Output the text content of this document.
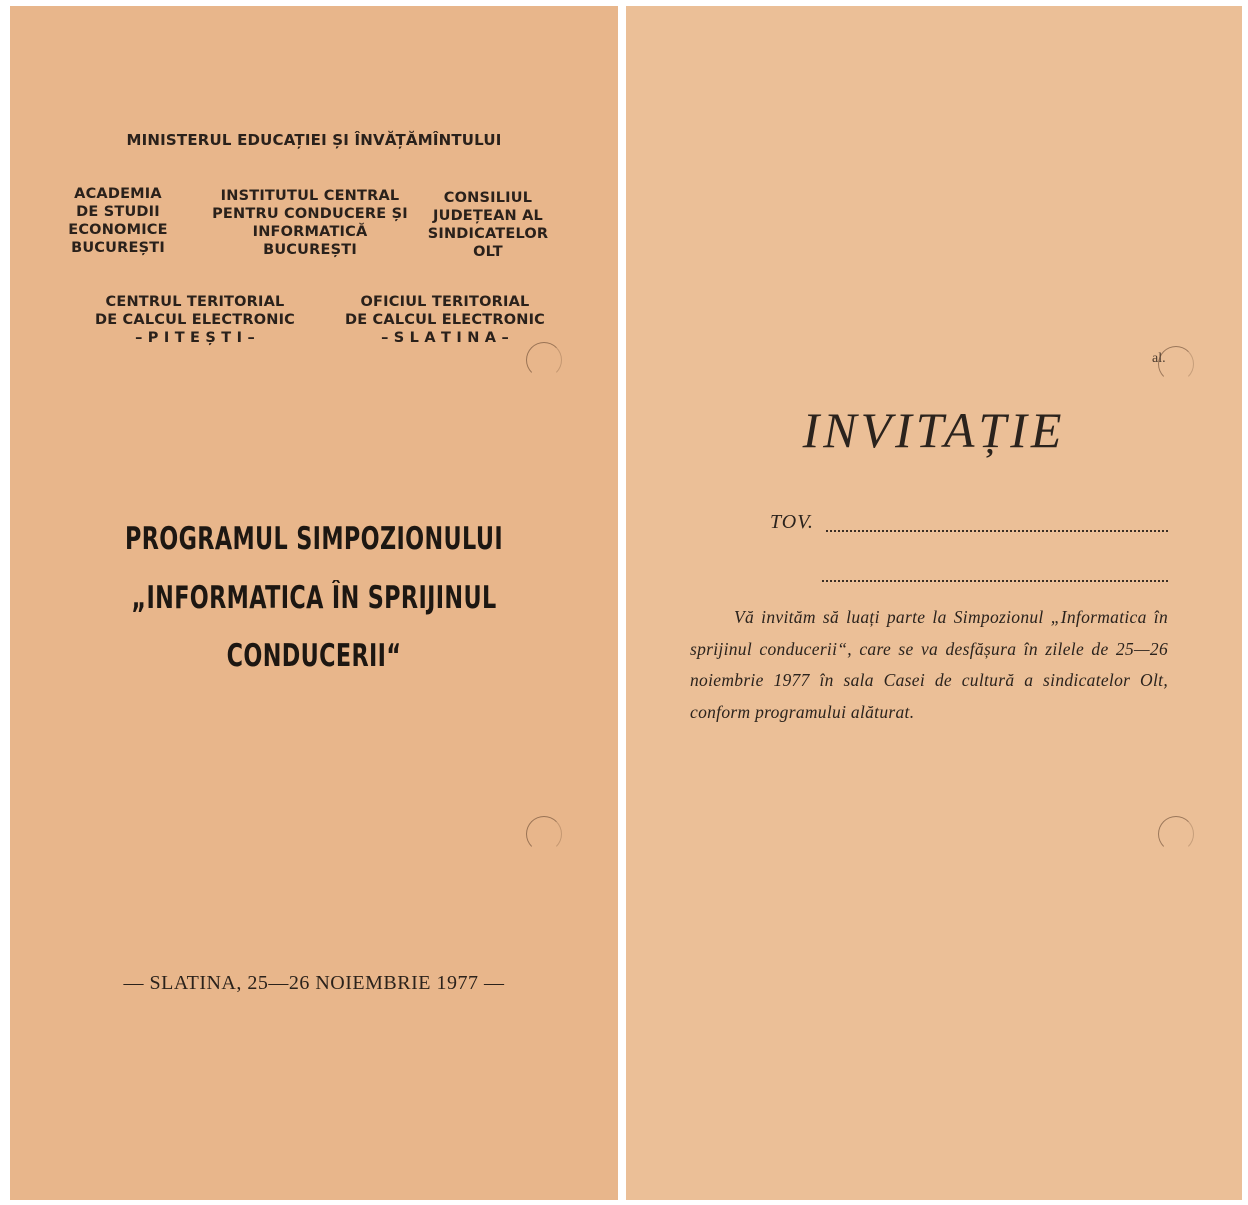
MINISTERUL EDUCAȚIEI ȘI ÎNVĂȚĂMÎNTULUI
ACADEMIA
DE STUDII
ECONOMICE
BUCUREȘTI
INSTITUTUL CENTRAL
PENTRU CONDUCERE ȘI
INFORMATICĂ
BUCUREȘTI
CONSILIUL
JUDEȚEAN AL
SINDICATELOR
OLT
CENTRUL TERITORIAL
DE CALCUL ELECTRONIC
– P I T E Ș T I –
OFICIUL TERITORIAL
DE CALCUL ELECTRONIC
– S L A T I N A –
PROGRAMUL SIMPOZIONULUI
„INFORMATICA ÎN SPRIJINUL
CONDUCERII“
— SLATINA, 25—26 NOIEMBRIE 1977 —
al.
INVITAȚIE
TOV.
Vă invităm să luați parte la Simpozionul „Informatica în sprijinul conducerii“, care se va desfășura în zilele de 25—26 noiembrie 1977 în sala Casei de cultură a sindicatelor Olt, conform programului alăturat.
